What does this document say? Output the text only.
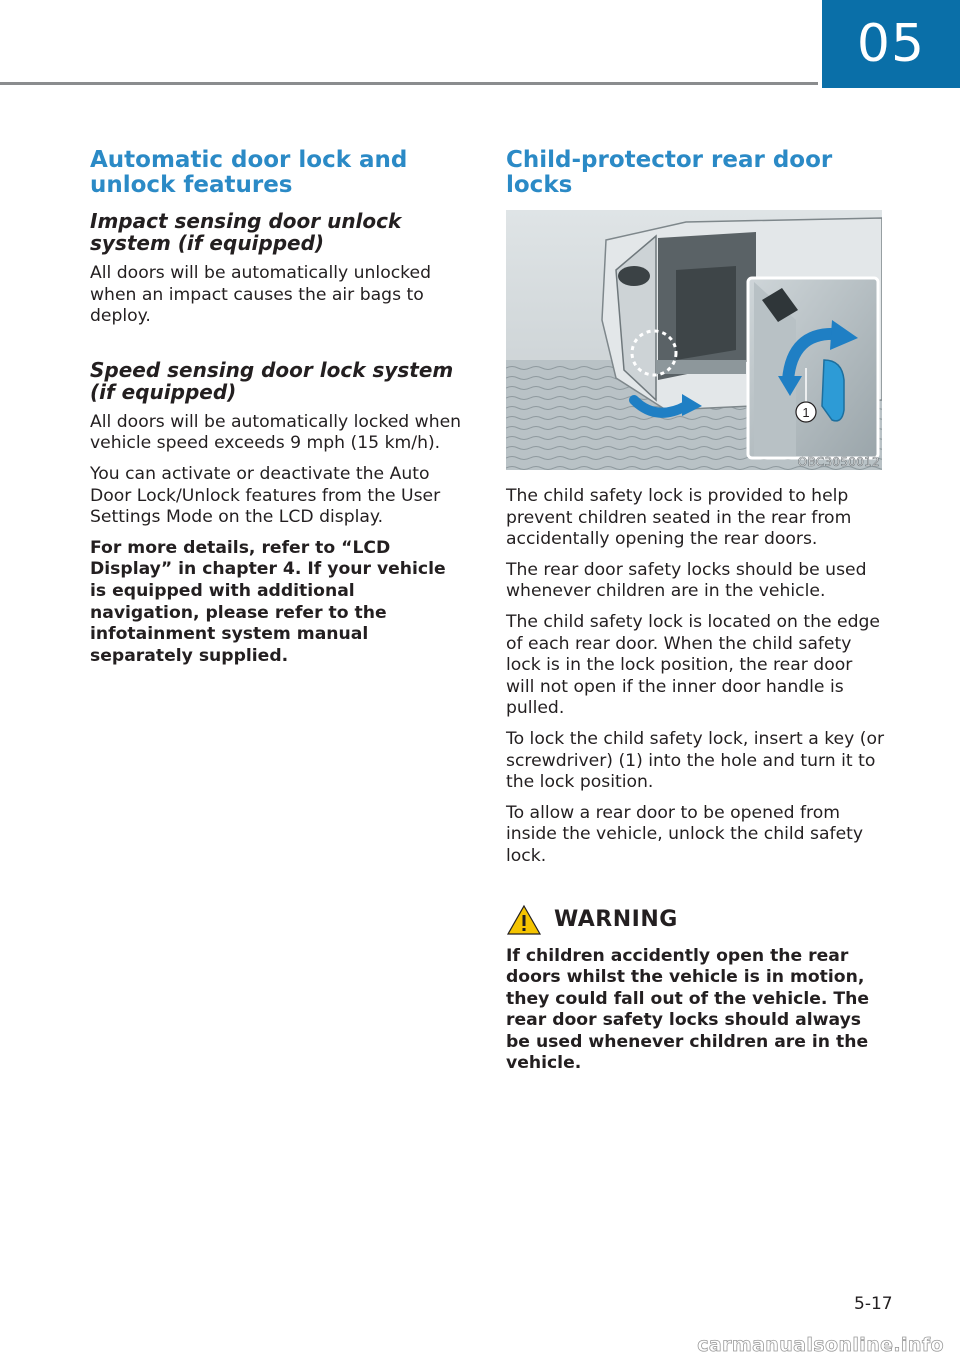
05
Automatic door lock and unlock features
Impact sensing door unlock system (if equipped)
All doors will be automatically unlocked when an impact causes the air bags to deploy.
Speed sensing door lock system (if equipped)
All doors will be automatically locked when vehicle speed exceeds 9 mph (15 km/h).
You can activate or deactivate the Auto Door Lock/Unlock features from the User Settings Mode on the LCD display.
For more details, refer to “LCD Display” in chapter 4. If your vehicle is equipped with additional navigation, please refer to the infotainment system manual separately supplied.
Child-protector rear door locks
1
OBC3050012
The child safety lock is provided to help prevent children seated in the rear from accidentally opening the rear doors.
The rear door safety locks should be used whenever children are in the vehicle.
The child safety lock is located on the edge of each rear door. When the child safety lock is in the lock position, the rear door will not open if the inner door handle is pulled.
To lock the child safety lock, insert a key (or screwdriver) (1) into the hole and turn it to the lock position.
To allow a rear door to be opened from inside the vehicle, unlock the child safety lock.
WARNING
If children accidently open the rear doors whilst the vehicle is in motion, they could fall out of the vehicle. The rear door safety locks should always be used whenever children are in the vehicle.
5-17
carmanualsonline.info
